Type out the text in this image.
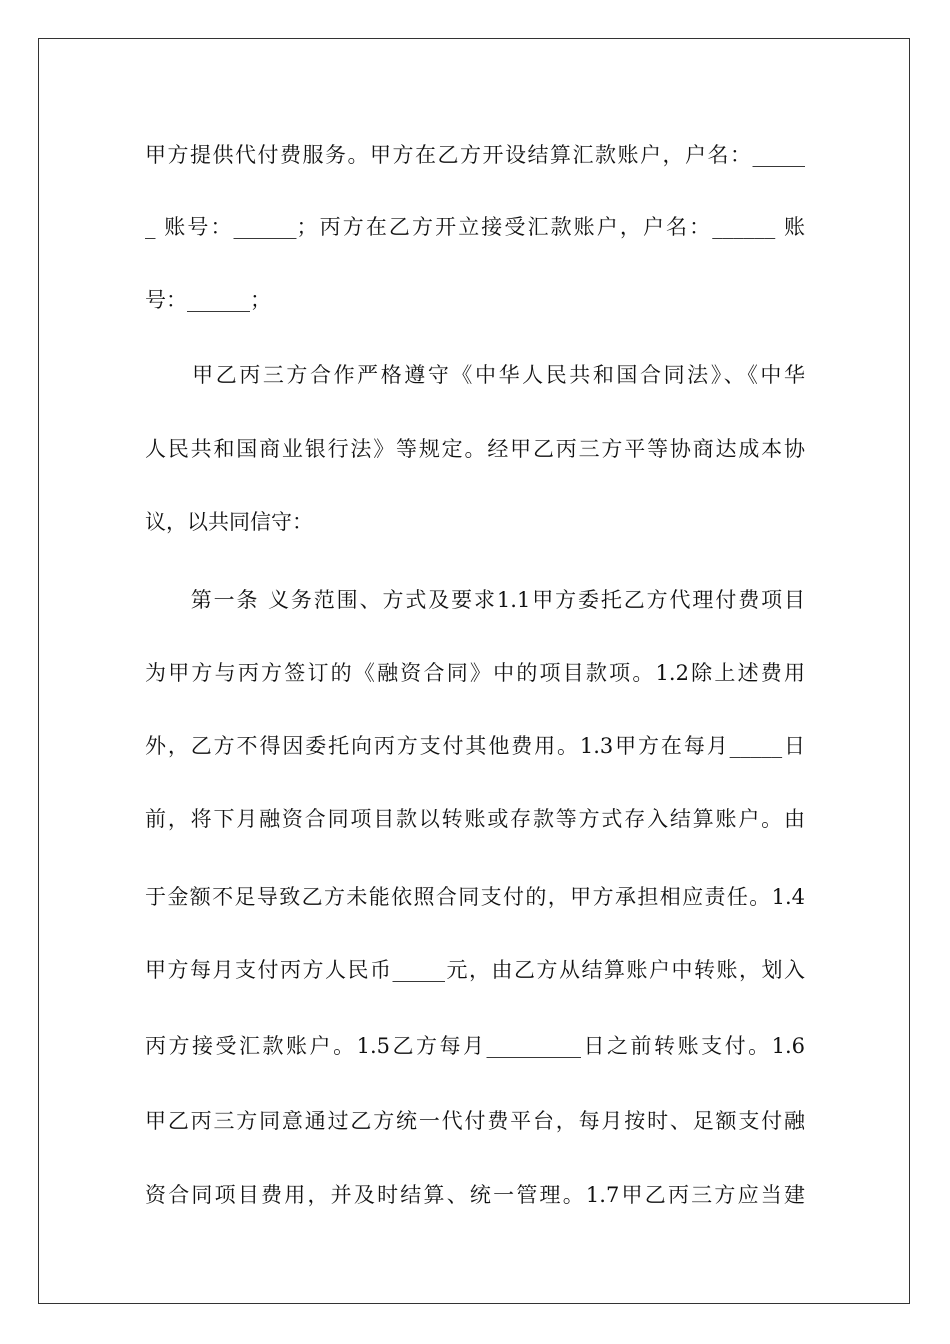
甲方提供代付费服务。甲方在乙方开设结算汇款账户，户名：_____
_ 账号：______；丙方在乙方开立接受汇款账户，户名：______ 账
号：______；
　　甲乙丙三方合作严格遵守《中华人民共和国合同法》、《中华
人民共和国商业银行法》等规定。经甲乙丙三方平等协商达成本协
议，以共同信守：
　　第一条 义务范围、方式及要求1.1甲方委托乙方代理付费项目
为甲方与丙方签订的《融资合同》中的项目款项。1.2除上述费用
外，乙方不得因委托向丙方支付其他费用。1.3甲方在每月_____日
前，将下月融资合同项目款以转账或存款等方式存入结算账户。由
于金额不足导致乙方未能依照合同支付的，甲方承担相应责任。1.4
甲方每月支付丙方人民币_____元，由乙方从结算账户中转账，划入
丙方接受汇款账户。1.5乙方每月_________日之前转账支付。1.6
甲乙丙三方同意通过乙方统一代付费平台，每月按时、足额支付融
资合同项目费用，并及时结算、统一管理。1.7甲乙丙三方应当建
